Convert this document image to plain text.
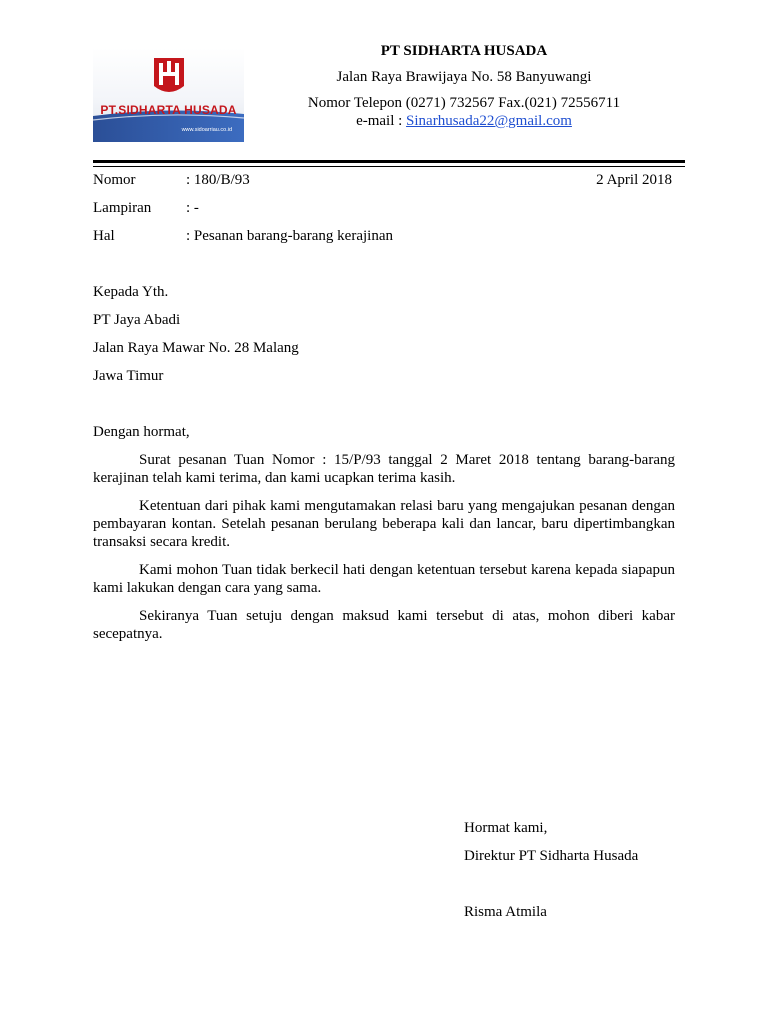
PT.SIDHARTA HUSADA
www.sidoarriau.co.id
PT SIDHARTA HUSADA
Jalan Raya Brawijaya No. 58 Banyuwangi
Nomor Telepon (0271) 732567 Fax.(021) 72556711
e-mail : Sinarhusada22@gmail.com
Nomor	: 180/B/93	2 April 2018
Lampiran : -
Hal	: Pesanan barang-barang kerajinan
Kepada Yth.
PT Jaya Abadi
Jalan Raya Mawar No. 28 Malang
Jawa Timur
Dengan hormat,
Surat pesanan Tuan Nomor : 15/P/93 tanggal 2 Maret 2018 tentang barang-barang kerajinan telah kami terima, dan kami ucapkan terima kasih.
Ketentuan dari pihak kami mengutamakan relasi baru yang mengajukan pesanan dengan pembayaran kontan. Setelah pesanan berulang beberapa kali dan lancar, baru dipertimbangkan transaksi secara kredit.
Kami mohon Tuan tidak berkecil hati dengan ketentuan tersebut karena kepada siapapun kami lakukan dengan cara yang sama.
Sekiranya Tuan setuju dengan maksud kami tersebut di atas, mohon diberi kabar secepatnya.
Hormat kami,
Direktur PT Sidharta Husada
Risma Atmila
